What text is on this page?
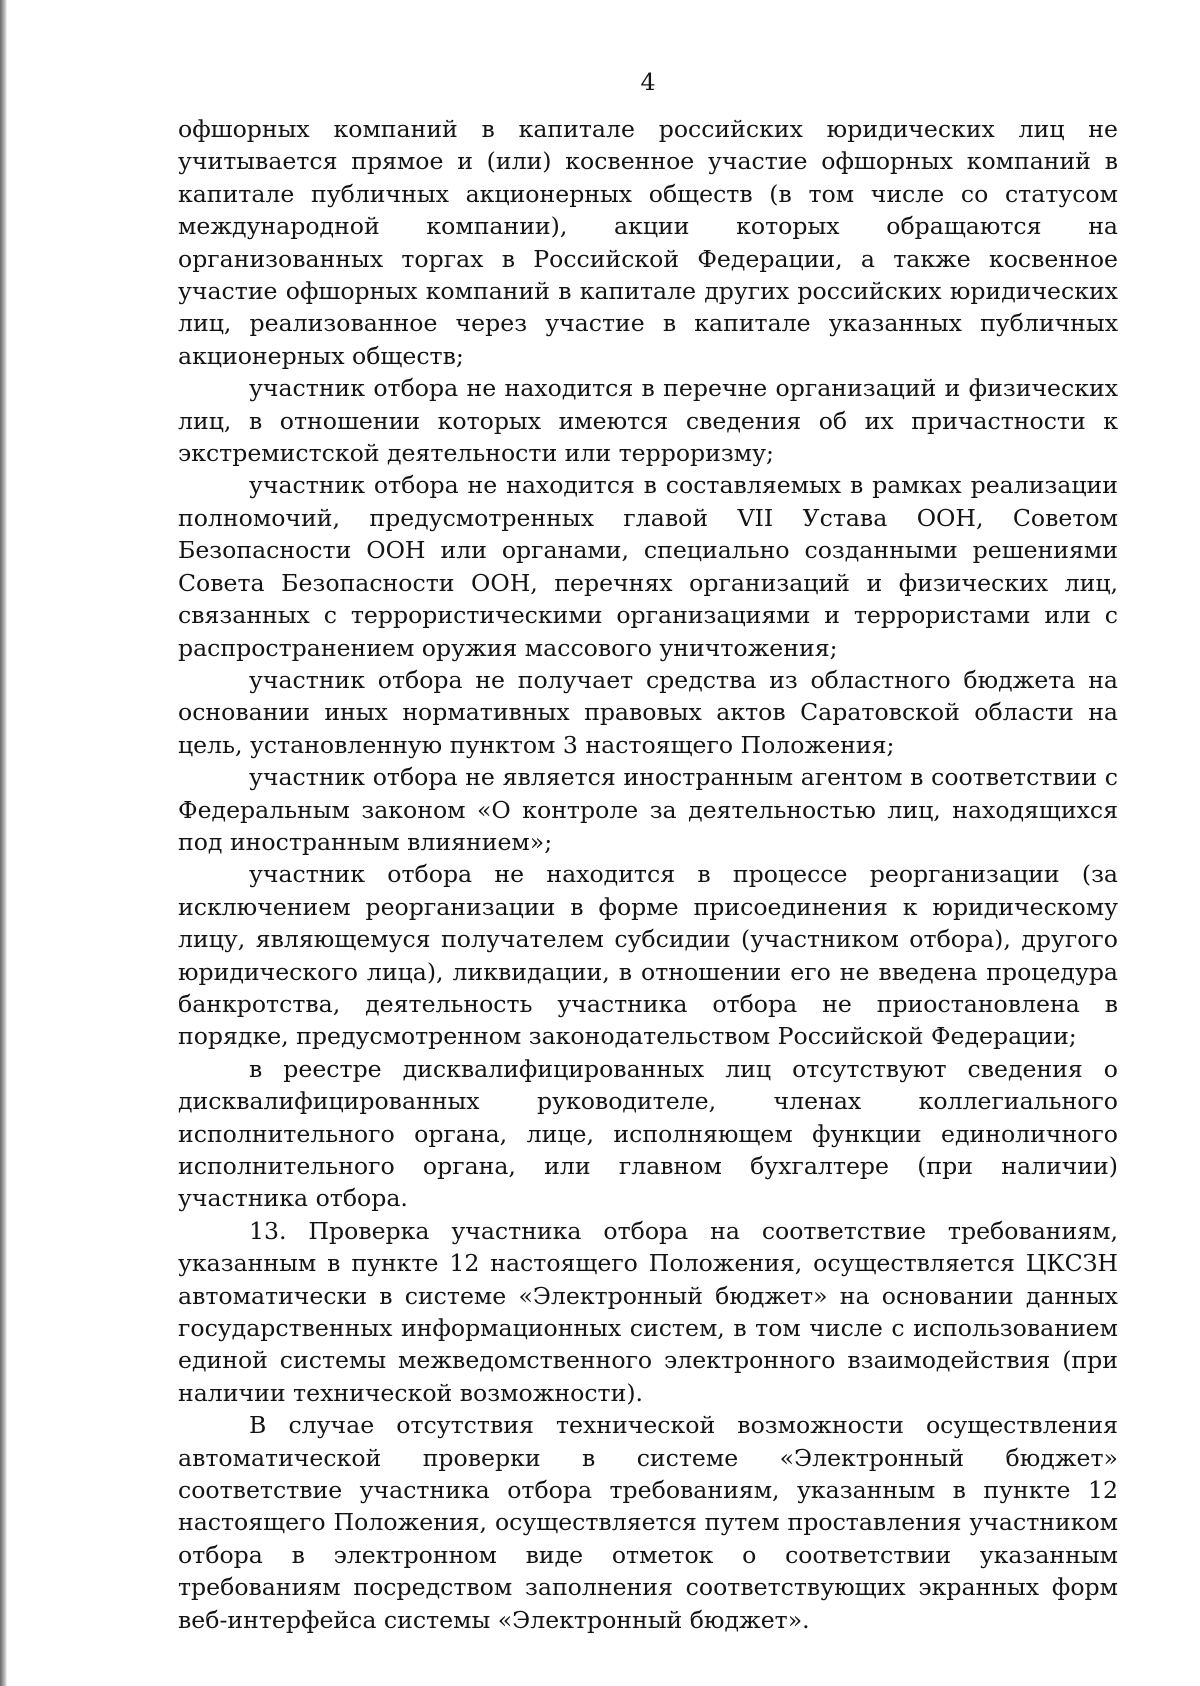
4

офшорных компаний в капитале российских юридических лиц не учитывается прямое и (или) косвенное участие офшорных компаний в капитале публичных акционерных обществ (в том числе со статусом международной компании), акции которых обращаются на организованных торгах в Российской Федерации, а также косвенное участие офшорных компаний в капитале других российских юридических лиц, реализованное через участие в капитале указанных публичных акционерных обществ;

участник отбора не находится в перечне организаций и физических лиц, в отношении которых имеются сведения об их причастности к экстремистской деятельности или терроризму;

участник отбора не находится в составляемых в рамках реализации полномочий, предусмотренных главой VII Устава ООН, Советом Безопасности ООН или органами, специально созданными решениями Совета Безопасности ООН, перечнях организаций и физических лиц, связанных с террористическими организациями и террористами или с распространением оружия массового уничтожения;

участник отбора не получает средства из областного бюджета на основании иных нормативных правовых актов Саратовской области на цель, установленную пунктом 3 настоящего Положения;

участник отбора не является иностранным агентом в соответствии с Федеральным законом «О контроле за деятельностью лиц, находящихся под иностранным влиянием»;

участник отбора не находится в процессе реорганизации (за исключением реорганизации в форме присоединения к юридическому лицу, являющемуся получателем субсидии (участником отбора), другого юридического лица), ликвидации, в отношении его не введена процедура банкротства, деятельность участника отбора не приостановлена в порядке, предусмотренном законодательством Российской Федерации;

в реестре дисквалифицированных лиц отсутствуют сведения о дисквалифицированных руководителе, членах коллегиального исполнительного органа, лице, исполняющем функции единоличного исполнительного органа, или главном бухгалтере (при наличии) участника отбора.

13. Проверка участника отбора на соответствие требованиям, указанным в пункте 12 настоящего Положения, осуществляется ЦКСЗН автоматически в системе «Электронный бюджет» на основании данных государственных информационных систем, в том числе с использованием единой системы межведомственного электронного взаимодействия (при наличии технической возможности).

В случае отсутствия технической возможности осуществления автоматической проверки в системе «Электронный бюджет» соответствие участника отбора требованиям, указанным в пункте 12 настоящего Положения, осуществляется путем проставления участником отбора в электронном виде отметок о соответствии указанным требованиям посредством заполнения соответствующих экранных форм веб-интерфейса системы «Электронный бюджет».
